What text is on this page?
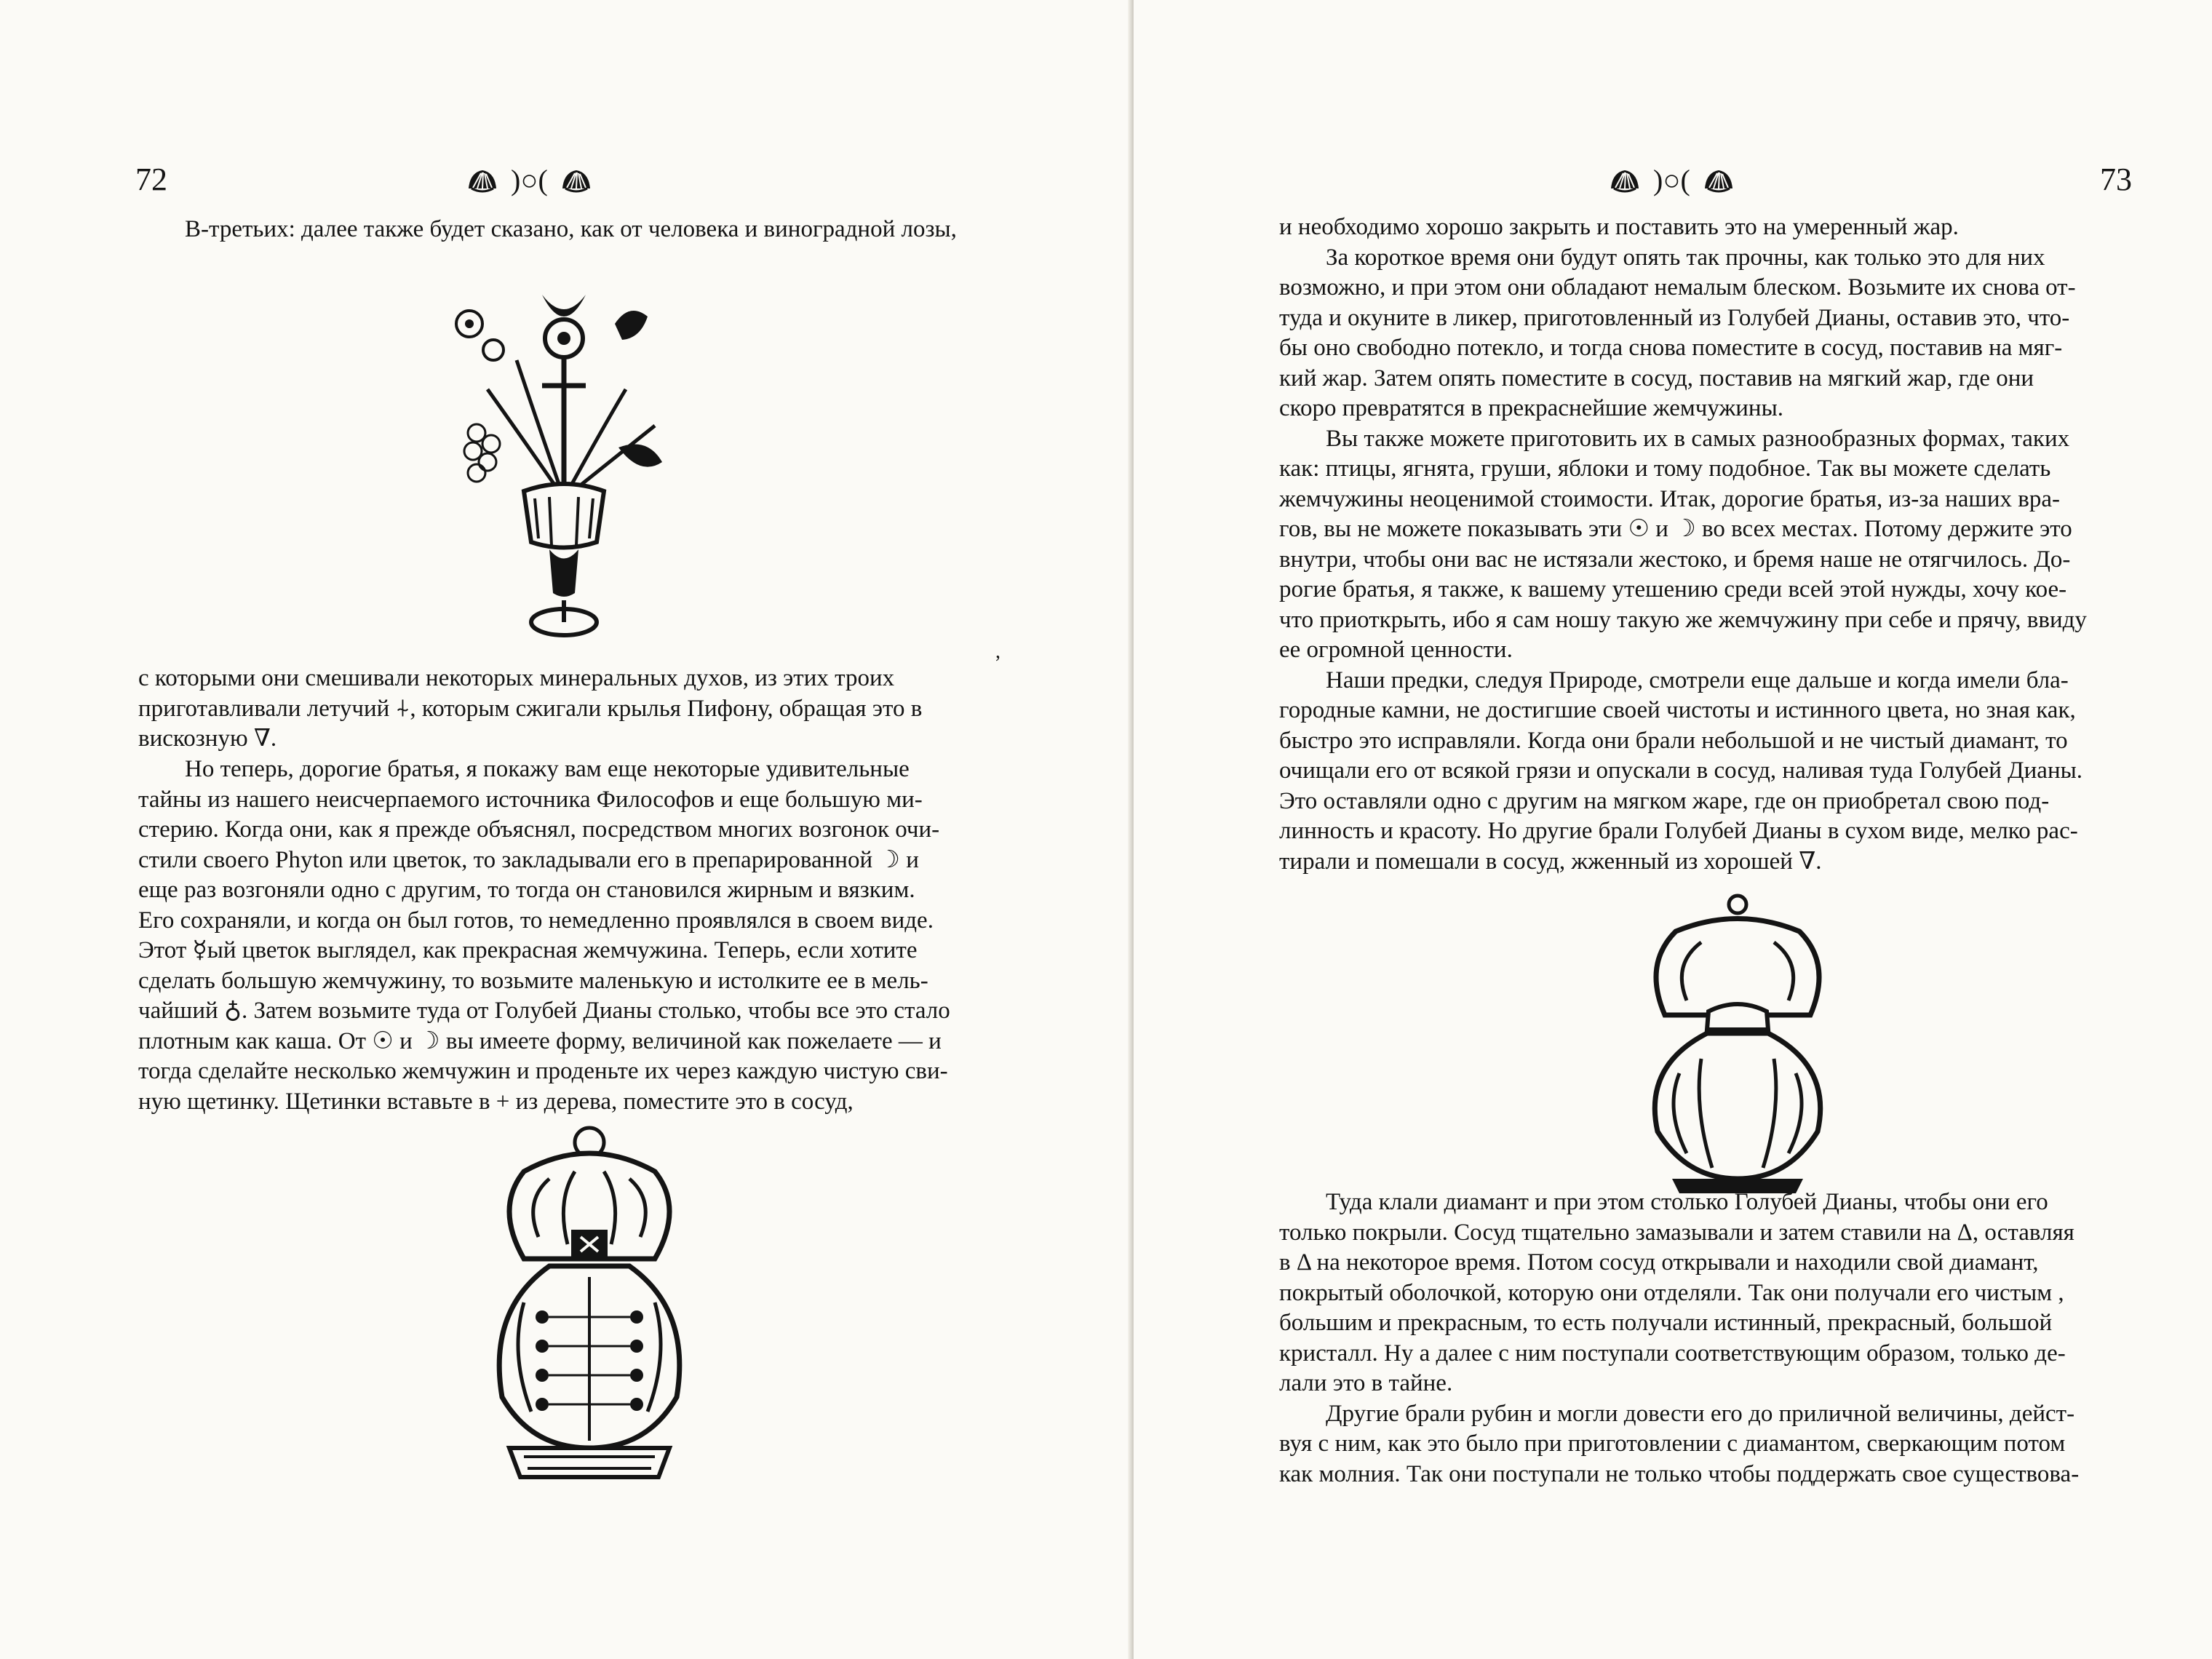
72	)○(
В-третьих: далее также будет сказано, как от человека и виноградной лозы,
,

с которыми они смешивали некоторых минеральных духов, из этих троих

приготавливали летучий ⍭, которым сжигали крылья Пифону, обращая это в

вискозную ∇.

Но теперь, дорогие братья, я покажу вам еще некоторые удивительные

тайны из нашего неисчерпаемого источника Философов и еще большую ми-

стерию. Когда они, как я прежде объяснял, посредством многих возгонок очи-

стили своего Phyton или цветок, то закладывали его в препарированной ☽ и

еще раз возгоняли одно с другим, то тогда он становился жирным и вязким.

Его сохраняли, и когда он был готов, то немедленно проявлялся в своем виде.

Этот ☿ый цветок выглядел, как прекрасная жемчужина. Теперь, если хотите

сделать большую жемчужину, то возьмите маленькую и истолките ее в мель-

чайший ♁. Затем возьмите туда от Голубей Дианы столько, чтобы все это стало

плотным как каша. От ☉ и ☽ вы имеете форму, величиной как пожелаете — и

тогда сделайте несколько жемчужин и проденьте их через каждую чистую сви-

ную щетинку. Щетинки вставьте в + из дерева, поместите это в сосуд,

)○(	73

и необходимо хорошо закрыть и поставить это на умеренный жар.

За короткое время они будут опять так прочны, как только это для них

возможно, и при этом они обладают немалым блеском. Возьмите их снова от-

туда и окуните в ликер, приготовленный из Голубей Дианы, оставив это, что-

бы оно свободно потекло, и тогда снова поместите в сосуд, поставив на мяг-

кий жар. Затем опять поместите в сосуд, поставив на мягкий жар, где они

скоро превратятся в прекраснейшие жемчужины.

Вы также можете приготовить их в самых разнообразных формах, таких

как: птицы, ягнята, груши, яблоки и тому подобное. Так вы можете сделать

жемчужины неоценимой стоимости. Итак, дорогие братья, из-за наших вра-

гов, вы не можете показывать эти ☉ и ☽ во всех местах. Потому держите это

внутри, чтобы они вас не истязали жестоко, и бремя наше не отягчилось. До-

рогие братья, я также, к вашему утешению среди всей этой нужды, хочу кое-

что приоткрыть, ибо я сам ношу такую же жемчужину при себе и прячу, ввиду

ее огромной ценности.

Наши предки, следуя Природе, смотрели еще дальше и когда имели бла-

городные камни, не достигшие своей чистоты и истинного цвета, но зная как,

быстро это исправляли. Когда они брали небольшой и не чистый диамант, то

очищали его от всякой грязи и опускали в сосуд, наливая туда Голубей Дианы.

Это оставляли одно с другим на мягком жаре, где он приобретал свою под-

линность и красоту. Но другие брали Голубей Дианы в сухом виде, мелко рас-

тирали и помешали в сосуд, жженный из хорошей ∇.

Туда клали диамант и при этом столько Голубей Дианы, чтобы они его

только покрыли. Сосуд тщательно замазывали и затем ставили на Δ, оставляя

в Δ на некоторое время. Потом сосуд открывали и находили свой диамант,

покрытый оболочкой, которую они отделяли. Так они получали его чистым ,

большим и прекрасным, то есть получали истинный, прекрасный, большой

кристалл. Ну а далее с ним поступали соответствующим образом, только де-

лали это в тайне.

Другие брали рубин и могли довести его до приличной величины, дейст-

вуя с ним, как это было при приготовлении с диамантом, сверкающим потом

как молния. Так они поступали не только чтобы поддержать свое существова-
